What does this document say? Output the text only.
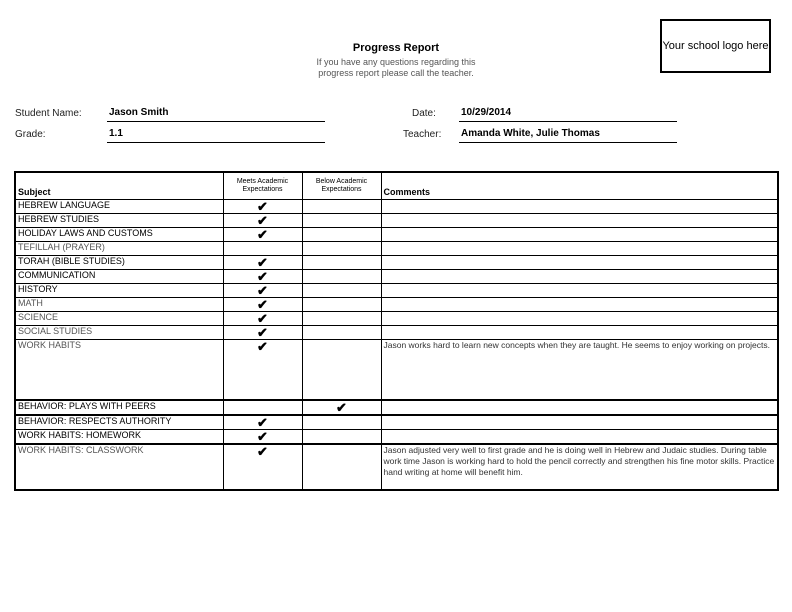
Your school logo here
Progress Report
If you have any questions regarding this
progress report please call the teacher.
Student Name:	Jason Smith	Date:	10/29/2014
Grade:	1.1	Teacher: Amanda White, Julie Thomas
Subject	Meets Academic Expectations	Below Academic Expectations	Comments
HEBREW LANGUAGE	✔		
HEBREW STUDIES	✔		
HOLIDAY LAWS AND CUSTOMS	✔		
TEFILLAH (PRAYER)			
TORAH (BIBLE STUDIES)	✔		
COMMUNICATION	✔		
HISTORY	✔		
MATH	✔		
SCIENCE	✔		
SOCIAL STUDIES	✔		
WORK HABITS	✔		Jason works hard to learn new concepts when they are taught. He seems to enjoy working on projects.
BEHAVIOR: PLAYS WITH PEERS		✔	
BEHAVIOR: RESPECTS AUTHORITY	✔		
WORK HABITS: HOMEWORK	✔		
WORK HABITS: CLASSWORK	✔		Jason adjusted very well to first grade and he is doing well in Hebrew and Judaic studies. During table work time Jason is working hard to hold the pencil correctly and strengthen his fine motor skills. Practice hand writing at home will benefit him.
